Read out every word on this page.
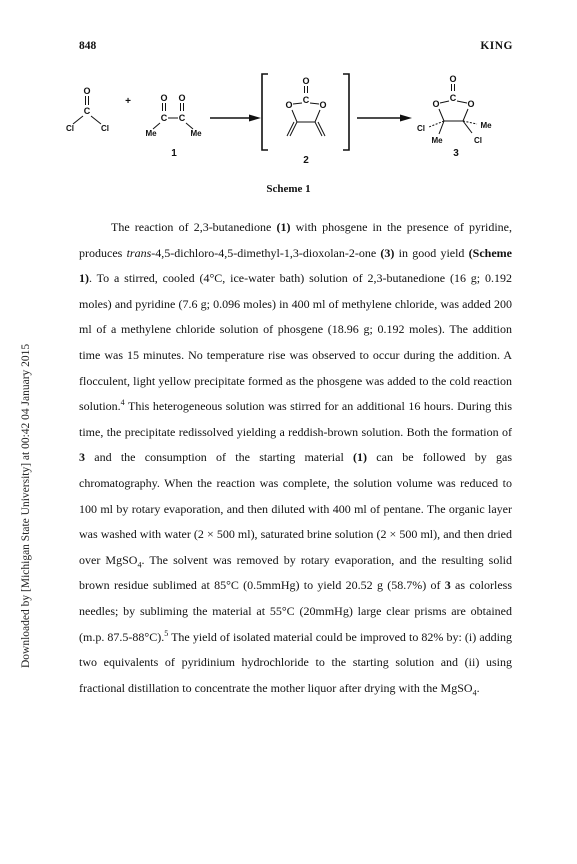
848	KING
Downloaded by [Michigan State University] at 00:42 04 January 2015
O
C
Cl	Cl
+	O O
C C
Me	Me
1
O
C
O	O
2
O
C
O	O
Cl
Me
Me
Cl
3
Scheme 1

The reaction of 2,3-butanedione (1) with phosgene in the presence of pyridine, produces trans-4,5-dichloro-4,5-dimethyl-1,3-dioxolan-2-one (3) in good yield (Scheme 1). To a stirred, cooled (4°C, ice-water bath) solution of 2,3-butanedione (16 g; 0.192 moles) and pyridine (7.6 g; 0.096 moles) in 400 ml of methylene chloride, was added 200 ml of a methylene chloride solution of phosgene (18.96 g; 0.192 moles). The addition time was 15 minutes. No temperature rise was observed to occur during the addition. A flocculent, light yellow precipitate formed as the phosgene was added to the cold reaction solution.$^4$ This heterogeneous solution was stirred for an additional 16 hours. During this time, the precipitate redissolved yielding a reddish-brown solution. Both the formation of 3 and the consumption of the starting material (1) can be followed by gas chromatography. When the reaction was complete, the solution volume was reduced to 100 ml by rotary evaporation, and then diluted with 400 ml of pentane. The organic layer was washed with water (2 × 500 ml), saturated brine solution (2 × 500 ml), and then dried over MgSO$_4$. The solvent was removed by rotary evaporation, and the resulting solid brown residue sublimed at 85°C (0.5mmHg) to yield 20.52 g (58.7%) of 3 as colorless needles; by subliming the material at 55°C (20mmHg) large clear prisms are obtained (m.p. 87.5-88°C).$^5$ The yield of isolated material could be improved to 82% by: (i) adding two equivalents of pyridinium hydrochloride to the starting solution and (ii) using fractional distillation to concentrate the mother liquor after drying with the MgSO$_4$.
